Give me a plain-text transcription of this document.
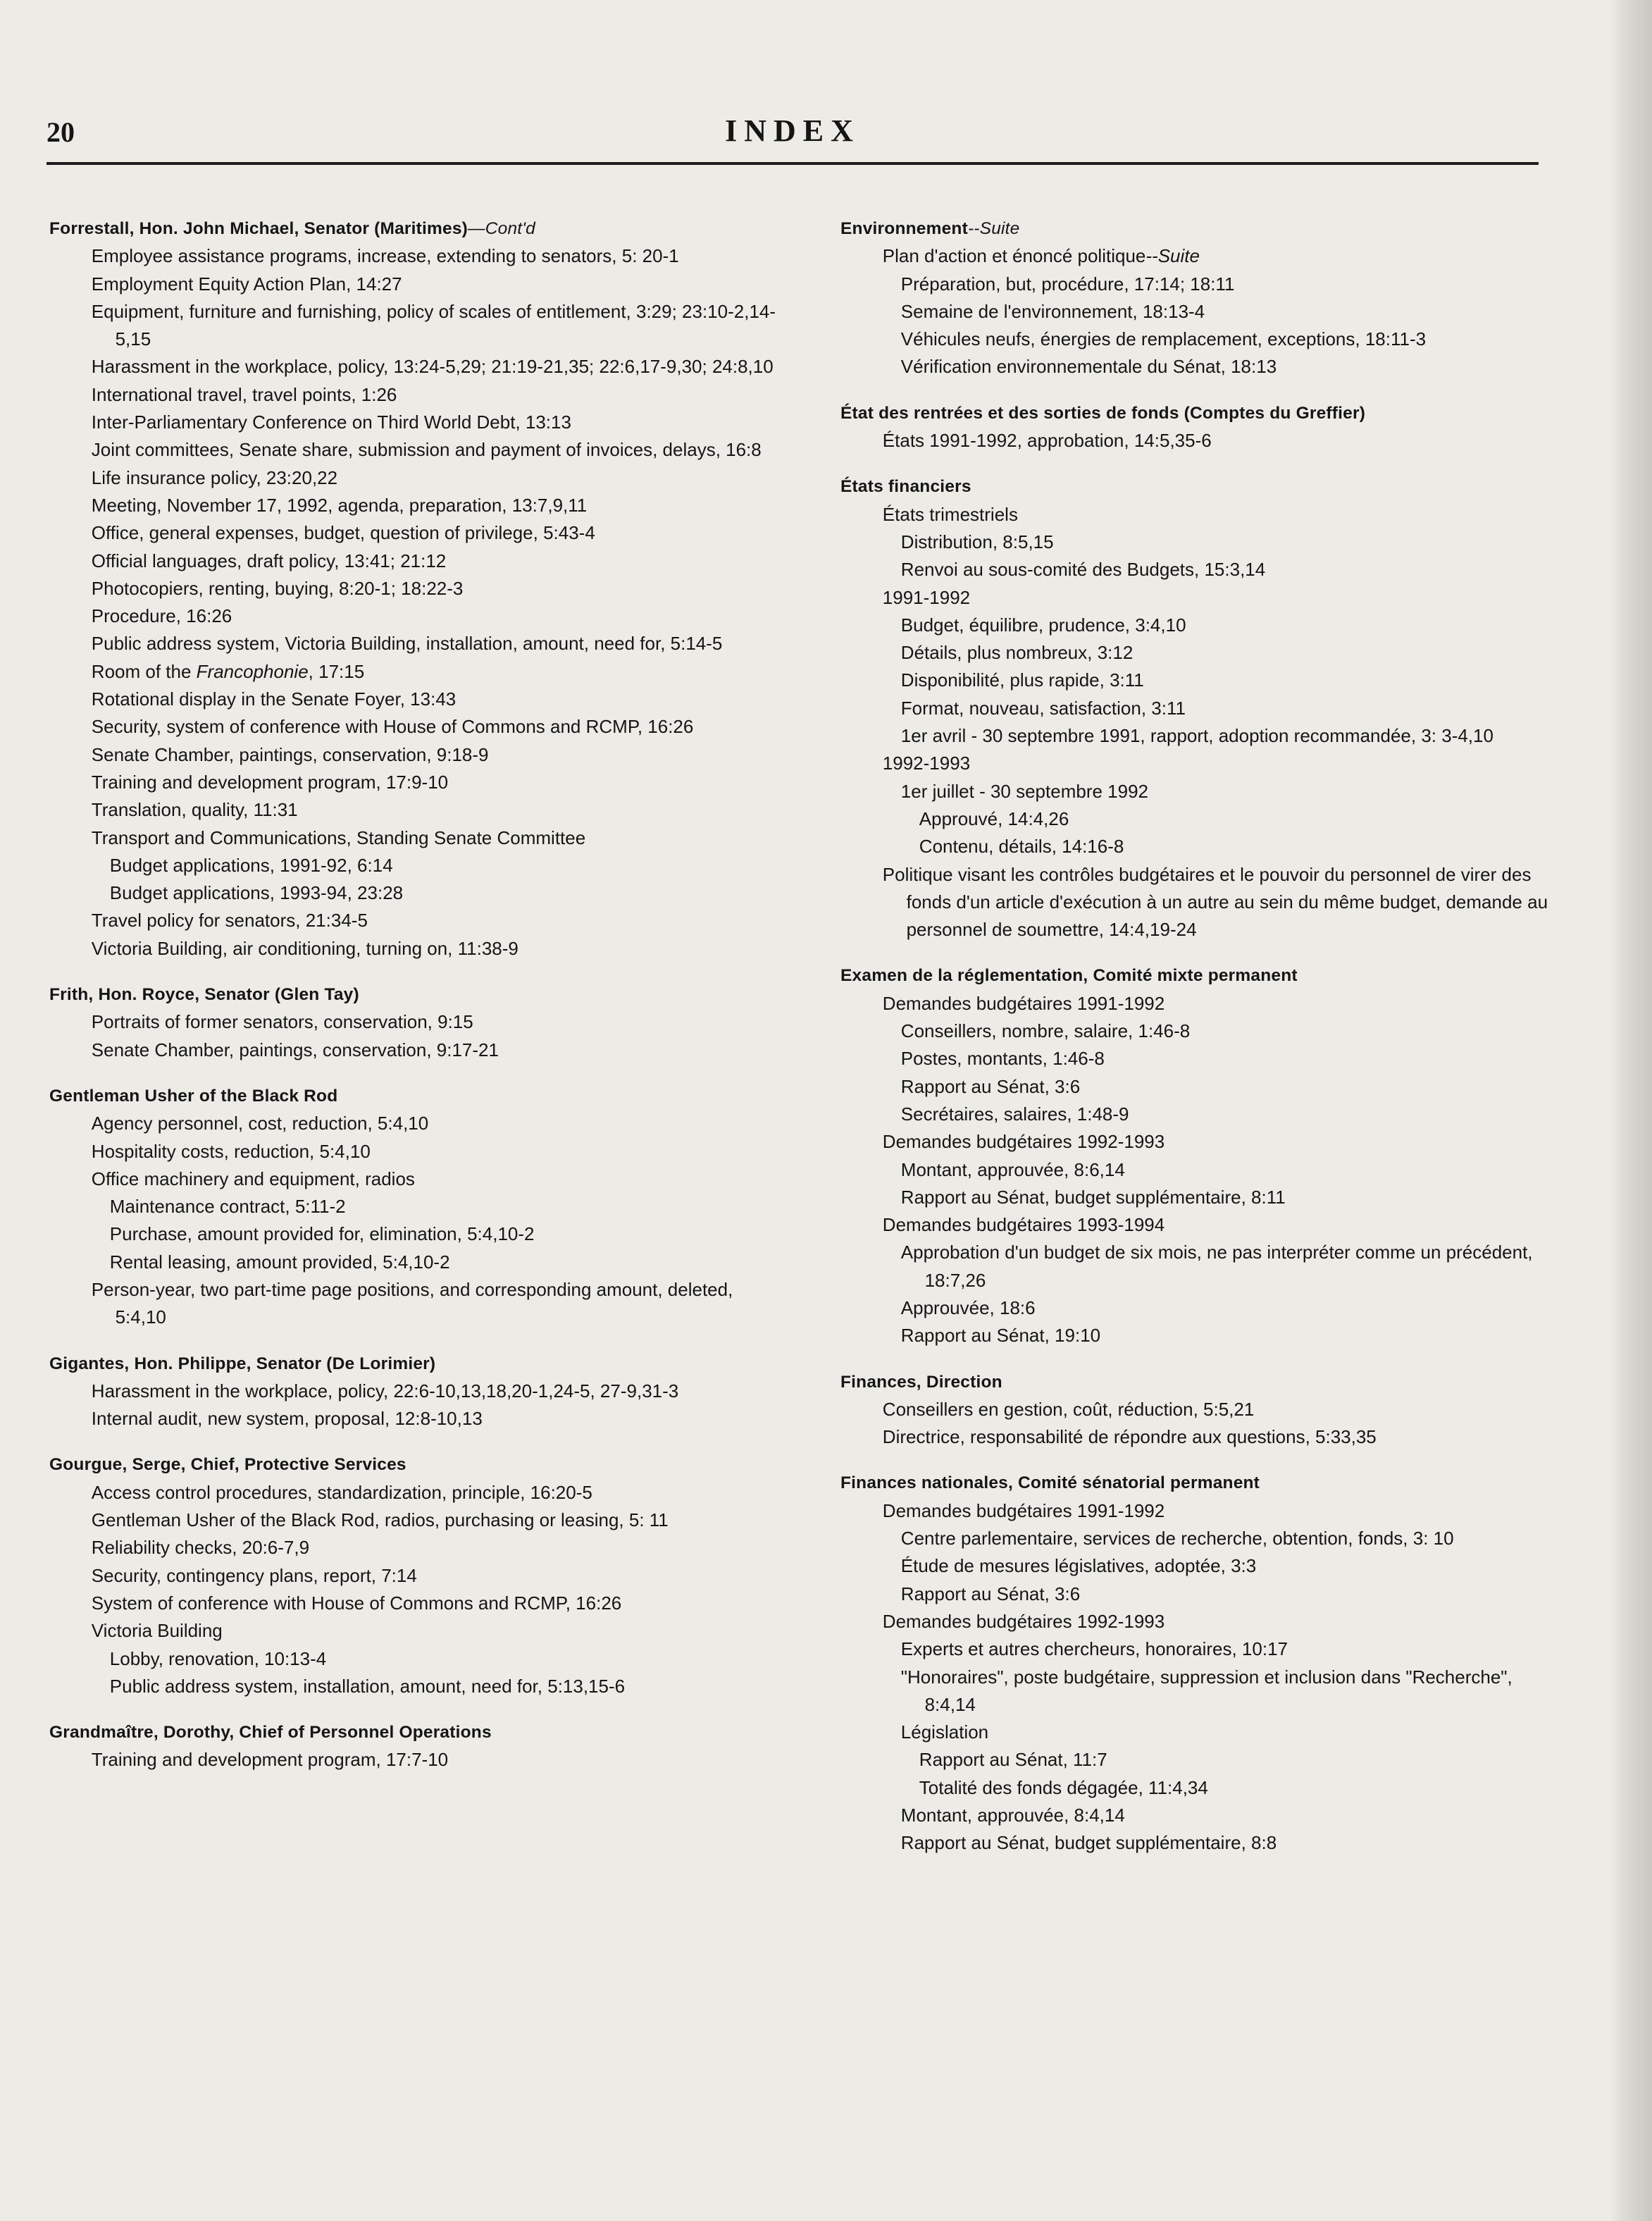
20	INDEX
Forrestall, Hon. John Michael, Senator (Maritimes)—Cont'd
Employee assistance programs, increase, extending to senators, 5: 20-1
Employment Equity Action Plan, 14:27
Equipment, furniture and furnishing, policy of scales of entitlement, 3:29; 23:10-2,14-5,15
Harassment in the workplace, policy, 13:24-5,29; 21:19-21,35; 22:6,17-9,30; 24:8,10
International travel, travel points, 1:26
Inter-Parliamentary Conference on Third World Debt, 13:13
Joint committees, Senate share, submission and payment of invoices, delays, 16:8
Life insurance policy, 23:20,22
Meeting, November 17, 1992, agenda, preparation, 13:7,9,11
Office, general expenses, budget, question of privilege, 5:43-4
Official languages, draft policy, 13:41; 21:12
Photocopiers, renting, buying, 8:20-1; 18:22-3
Procedure, 16:26
Public address system, Victoria Building, installation, amount, need for, 5:14-5
Room of the Francophonie, 17:15
Rotational display in the Senate Foyer, 13:43
Security, system of conference with House of Commons and RCMP, 16:26
Senate Chamber, paintings, conservation, 9:18-9
Training and development program, 17:9-10
Translation, quality, 11:31
Transport and Communications, Standing Senate Committee
Budget applications, 1991-92, 6:14
Budget applications, 1993-94, 23:28
Travel policy for senators, 21:34-5
Victoria Building, air conditioning, turning on, 11:38-9
Frith, Hon. Royce, Senator (Glen Tay)
Portraits of former senators, conservation, 9:15
Senate Chamber, paintings, conservation, 9:17-21
Gentleman Usher of the Black Rod
Agency personnel, cost, reduction, 5:4,10
Hospitality costs, reduction, 5:4,10
Office machinery and equipment, radios
Maintenance contract, 5:11-2
Purchase, amount provided for, elimination, 5:4,10-2
Rental leasing, amount provided, 5:4,10-2
Person-year, two part-time page positions, and corresponding amount, deleted, 5:4,10
Gigantes, Hon. Philippe, Senator (De Lorimier)
Harassment in the workplace, policy, 22:6-10,13,18,20-1,24-5, 27-9,31-3
Internal audit, new system, proposal, 12:8-10,13
Gourgue, Serge, Chief, Protective Services
Access control procedures, standardization, principle, 16:20-5
Gentleman Usher of the Black Rod, radios, purchasing or leasing, 5: 11
Reliability checks, 20:6-7,9
Security, contingency plans, report, 7:14
System of conference with House of Commons and RCMP, 16:26
Victoria Building
Lobby, renovation, 10:13-4
Public address system, installation, amount, need for, 5:13,15-6
Grandmaître, Dorothy, Chief of Personnel Operations
Training and development program, 17:7-10
Environnement--Suite
Plan d'action et énoncé politique--Suite
Préparation, but, procédure, 17:14; 18:11
Semaine de l'environnement, 18:13-4
Véhicules neufs, énergies de remplacement, exceptions, 18:11-3
Vérification environnementale du Sénat, 18:13
État des rentrées et des sorties de fonds (Comptes du Greffier)
États 1991-1992, approbation, 14:5,35-6
États financiers
États trimestriels
Distribution, 8:5,15
Renvoi au sous-comité des Budgets, 15:3,14
1991-1992
Budget, équilibre, prudence, 3:4,10
Détails, plus nombreux, 3:12
Disponibilité, plus rapide, 3:11
Format, nouveau, satisfaction, 3:11
1er avril - 30 septembre 1991, rapport, adoption recommandée, 3: 3-4,10
1992-1993
1er juillet - 30 septembre 1992
Approuvé, 14:4,26
Contenu, détails, 14:16-8
Politique visant les contrôles budgétaires et le pouvoir du personnel de virer des fonds d'un article d'exécution à un autre au sein du même budget, demande au personnel de soumettre, 14:4,19-24
Examen de la réglementation, Comité mixte permanent
Demandes budgétaires 1991-1992
Conseillers, nombre, salaire, 1:46-8
Postes, montants, 1:46-8
Rapport au Sénat, 3:6
Secrétaires, salaires, 1:48-9
Demandes budgétaires 1992-1993
Montant, approuvée, 8:6,14
Rapport au Sénat, budget supplémentaire, 8:11
Demandes budgétaires 1993-1994
Approbation d'un budget de six mois, ne pas interpréter comme un précédent, 18:7,26
Approuvée, 18:6
Rapport au Sénat, 19:10
Finances, Direction
Conseillers en gestion, coût, réduction, 5:5,21
Directrice, responsabilité de répondre aux questions, 5:33,35
Finances nationales, Comité sénatorial permanent
Demandes budgétaires 1991-1992
Centre parlementaire, services de recherche, obtention, fonds, 3: 10
Étude de mesures législatives, adoptée, 3:3
Rapport au Sénat, 3:6
Demandes budgétaires 1992-1993
Experts et autres chercheurs, honoraires, 10:17
"Honoraires", poste budgétaire, suppression et inclusion dans "Recherche", 8:4,14
Législation
Rapport au Sénat, 11:7
Totalité des fonds dégagée, 11:4,34
Montant, approuvée, 8:4,14
Rapport au Sénat, budget supplémentaire, 8:8
